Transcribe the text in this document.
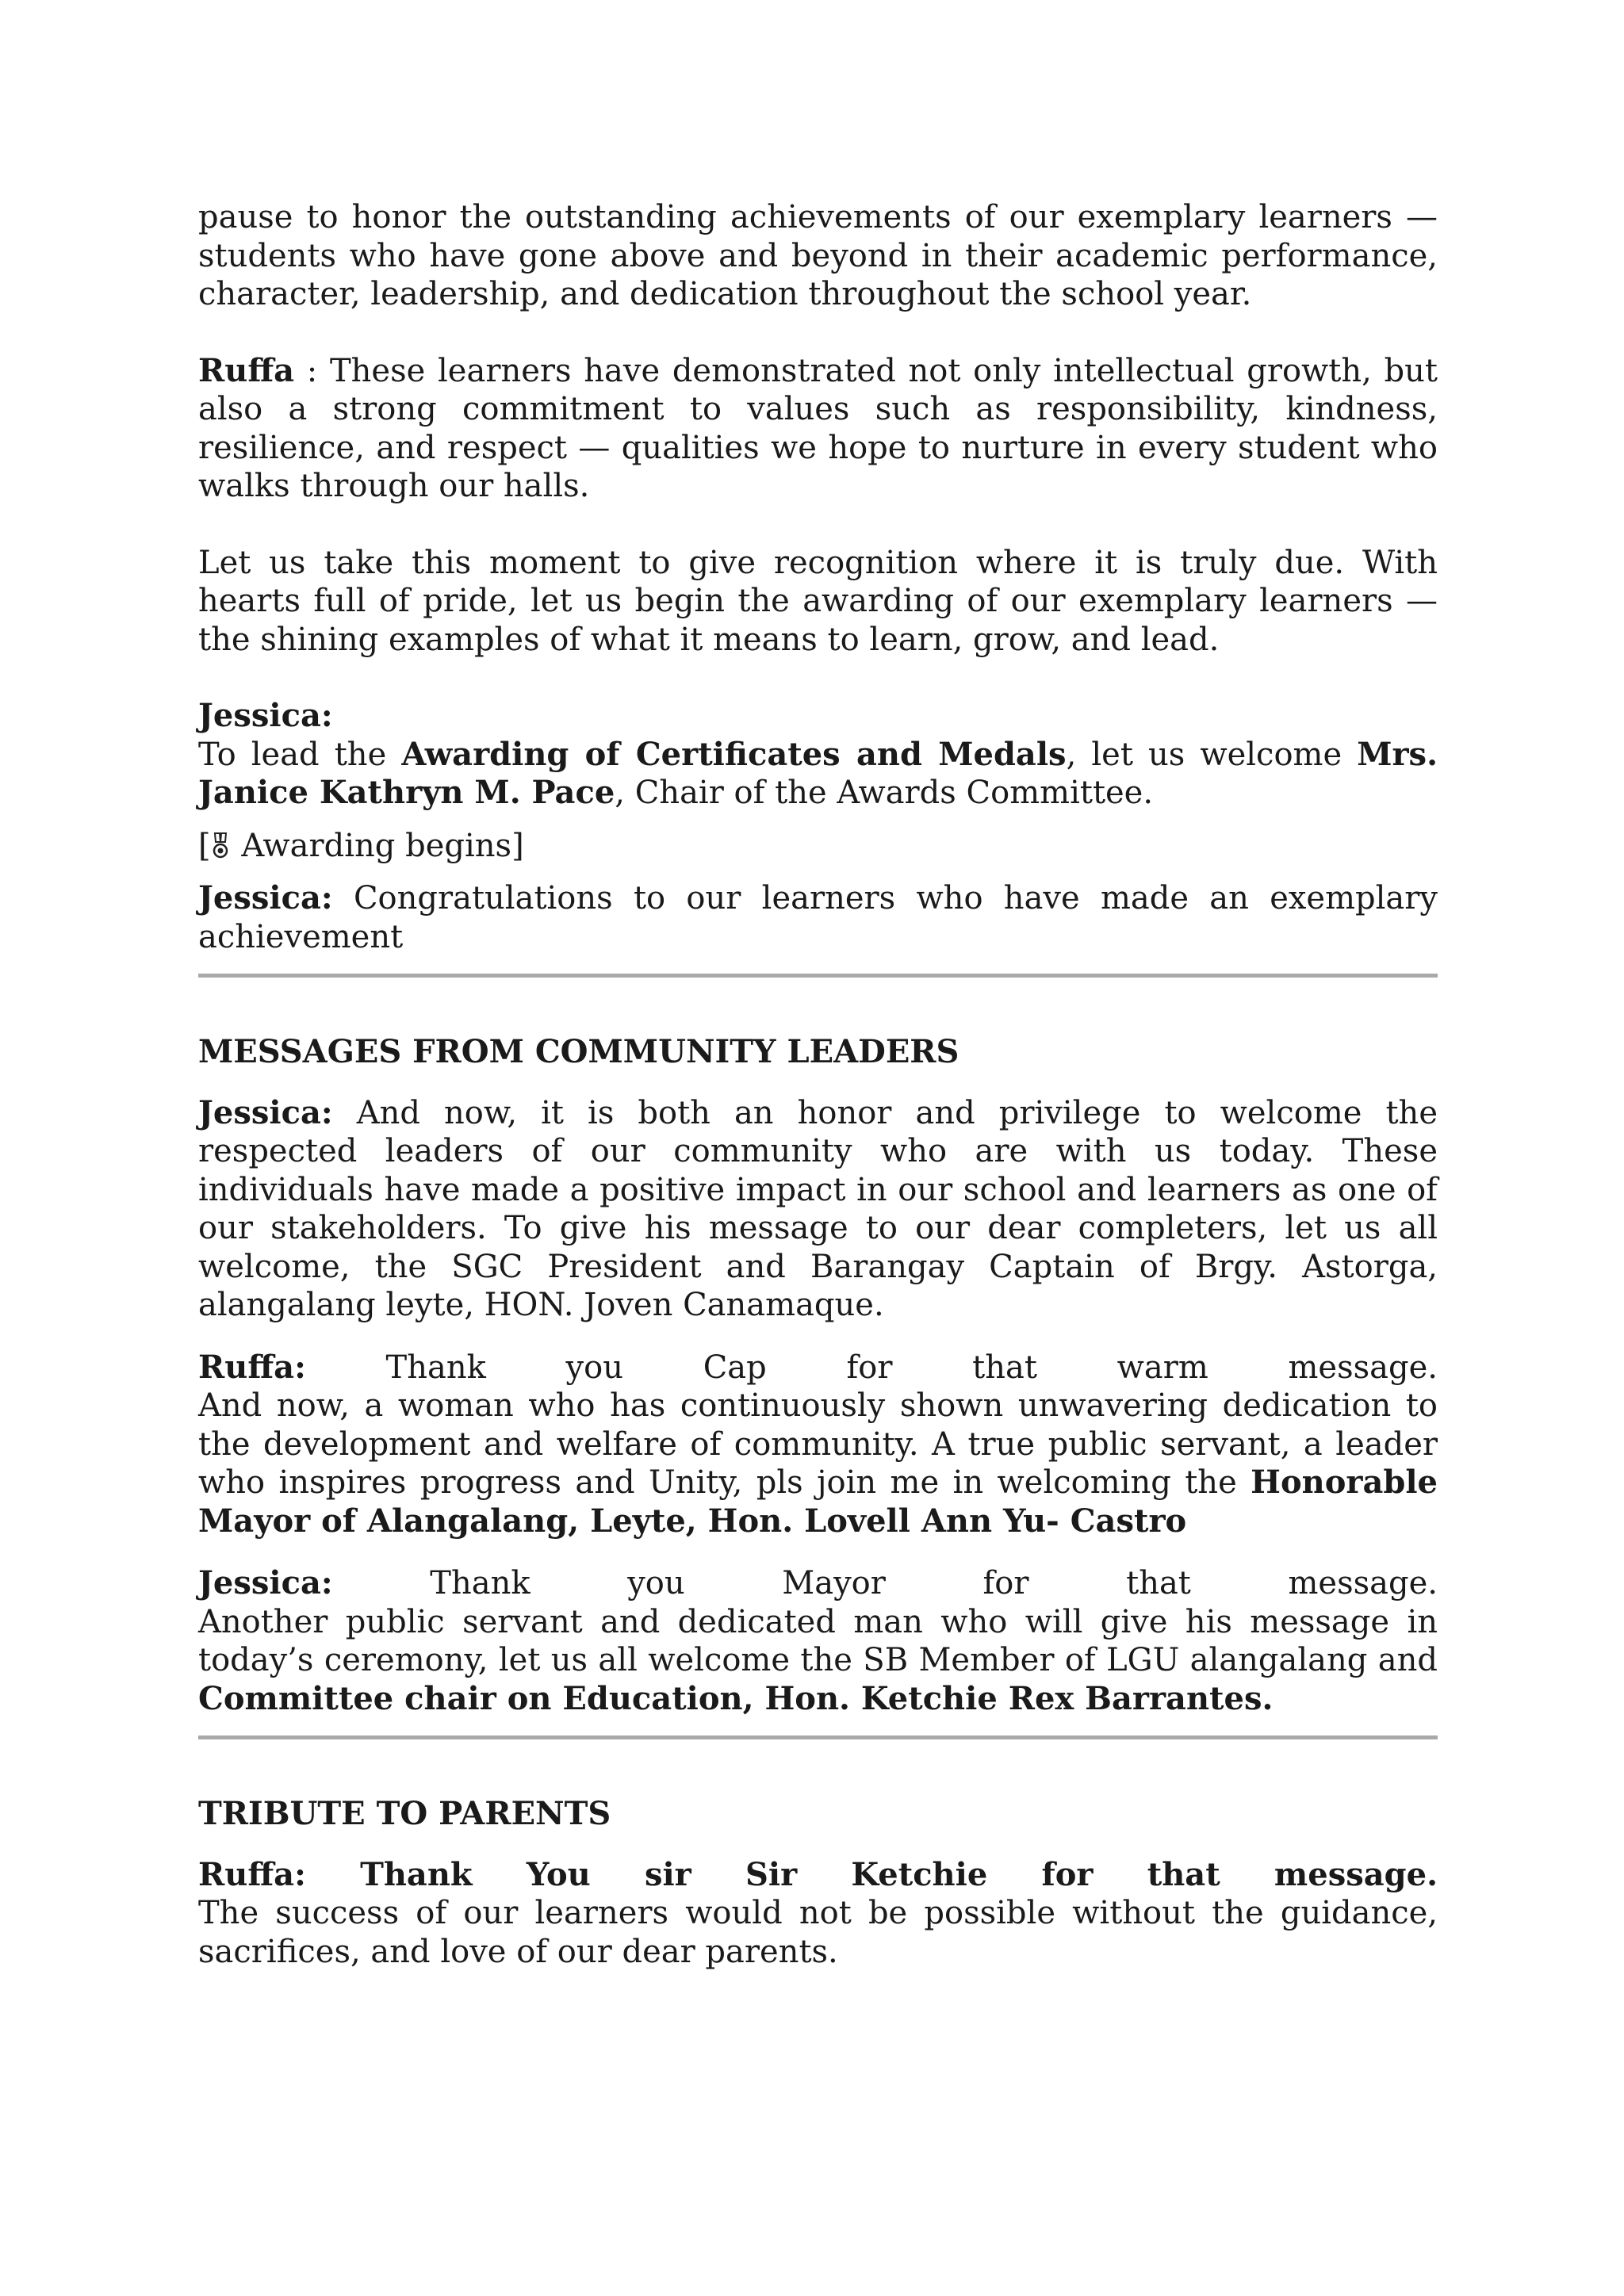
pause to honor the outstanding achievements of our exemplary learners — students who have gone above and beyond in their academic performance, character, leadership, and dedication throughout the school year.

Ruffa : These learners have demonstrated not only intellectual growth, but also a strong commitment to values such as responsibility, kindness, resilience, and respect — qualities we hope to nurture in every student who walks through our halls.

Let us take this moment to give recognition where it is truly due. With hearts full of pride, let us begin the awarding of our exemplary learners — the shining examples of what it means to learn, grow, and lead.

Jessica:

To lead the Awarding of Certificates and Medals, let us welcome Mrs. Janice Kathryn M. Pace, Chair of the Awards Committee.

[ Awarding begins]

Jessica: Congratulations to our learners who have made an exemplary achievement

MESSAGES FROM COMMUNITY LEADERS

Jessica: And now, it is both an honor and privilege to welcome the respected leaders of our community who are with us today. These individuals have made a positive impact in our school and learners as one of our stakeholders. To give his message to our dear completers, let us all welcome, the SGC President and Barangay Captain of Brgy. Astorga, alangalang leyte, HON. Joven Canamaque.

Ruffa: Thank you Cap for that warm message.
And now, a woman who has continuously shown unwavering dedication to the development and welfare of community. A true public servant, a leader who inspires progress and Unity, pls join me in welcoming the Honorable Mayor of Alangalang, Leyte, Hon. Lovell Ann Yu- Castro

Jessica: Thank you Mayor for that message.
Another public servant and dedicated man who will give his message in today’s ceremony, let us all welcome the SB Member of LGU alangalang and Committee chair on Education, Hon. Ketchie Rex Barrantes.

TRIBUTE TO PARENTS

Ruffa: Thank You sir Sir Ketchie for that message.
The success of our learners would not be possible without the guidance, sacrifices, and love of our dear parents.
